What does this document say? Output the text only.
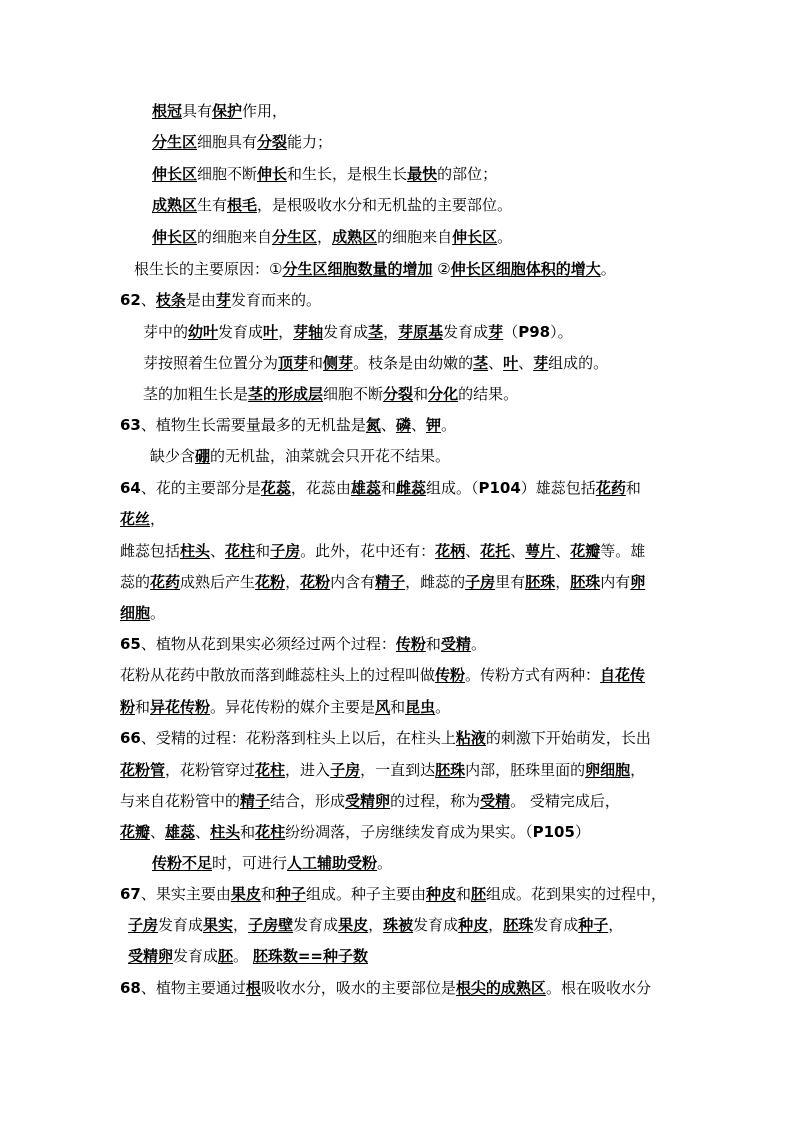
根冠具有保护作用，
分生区细胞具有分裂能力；
伸长区细胞不断伸长和生长，是根生长最快的部位；
成熟区生有根毛，是根吸收水分和无机盐的主要部位。
伸长区的细胞来自分生区，成熟区的细胞来自伸长区。
根生长的主要原因：①分生区细胞数量的增加 ②伸长区细胞体积的增大。
62、枝条是由芽发育而来的。
芽中的幼叶发育成叶，芽轴发育成茎，芽原基发育成芽（P98）。
芽按照着生位置分为顶芽和侧芽。枝条是由幼嫩的茎、叶、芽组成的。
茎的加粗生长是茎的形成层细胞不断分裂和分化的结果。
63、植物生长需要量最多的无机盐是氮、磷、钾。
缺少含硼的无机盐，油菜就会只开花不结果。
64、花的主要部分是花蕊，花蕊由雄蕊和雌蕊组成。（P104）雄蕊包括花药和
花丝，
雌蕊包括柱头、花柱和子房。此外，花中还有：花柄、花托、萼片、花瓣等。雄
蕊的花药成熟后产生花粉，花粉内含有精子，雌蕊的子房里有胚珠，胚珠内有卵
细胞。
65、植物从花到果实必须经过两个过程：传粉和受精。
花粉从花药中散放而落到雌蕊柱头上的过程叫做传粉。传粉方式有两种：自花传
粉和异花传粉。异花传粉的媒介主要是风和昆虫。
66、受精的过程：花粉落到柱头上以后，在柱头上粘液的刺激下开始萌发，长出
花粉管，花粉管穿过花柱，进入子房，一直到达胚珠内部，胚珠里面的卵细胞，
与来自花粉管中的精子结合，形成受精卵的过程，称为受精。 受精完成后，
花瓣、雄蕊、柱头和花柱纷纷凋落，子房继续发育成为果实。（P105）
传粉不足时，可进行人工辅助受粉。
67、果实主要由果皮和种子组成。种子主要由种皮和胚组成。花到果实的过程中，
子房发育成果实，子房壁发育成果皮，珠被发育成种皮，胚珠发育成种子，
受精卵发育成胚。 胚珠数==种子数
68、植物主要通过根吸收水分，吸水的主要部位是根尖的成熟区。根在吸收水分
